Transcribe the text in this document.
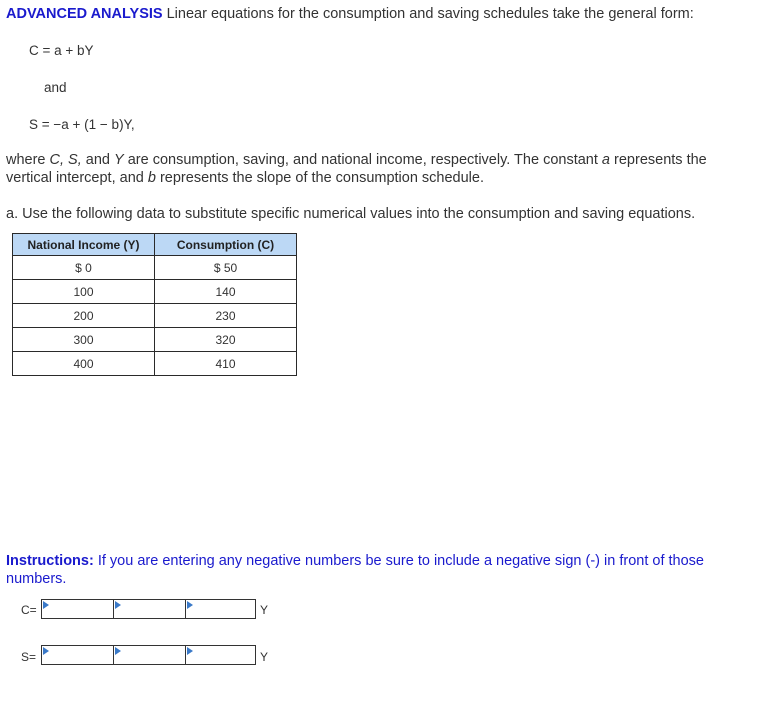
ADVANCED ANALYSIS Linear equations for the consumption and saving schedules take the general form:
C = a + bY
and
S = −a + (1 − b)Y,
where C, S, and Y are consumption, saving, and national income, respectively. The constant a represents the vertical intercept, and b represents the slope of the consumption schedule.
a. Use the following data to substitute specific numerical values into the consumption and saving equations.
National Income (Y)	Consumption (C)
$ 0	$ 50
100	140
200	230
300	320
400	410
Instructions: If you are entering any negative numbers be sure to include a negative sign (-) in front of those numbers.
C=	Y
S=	Y
